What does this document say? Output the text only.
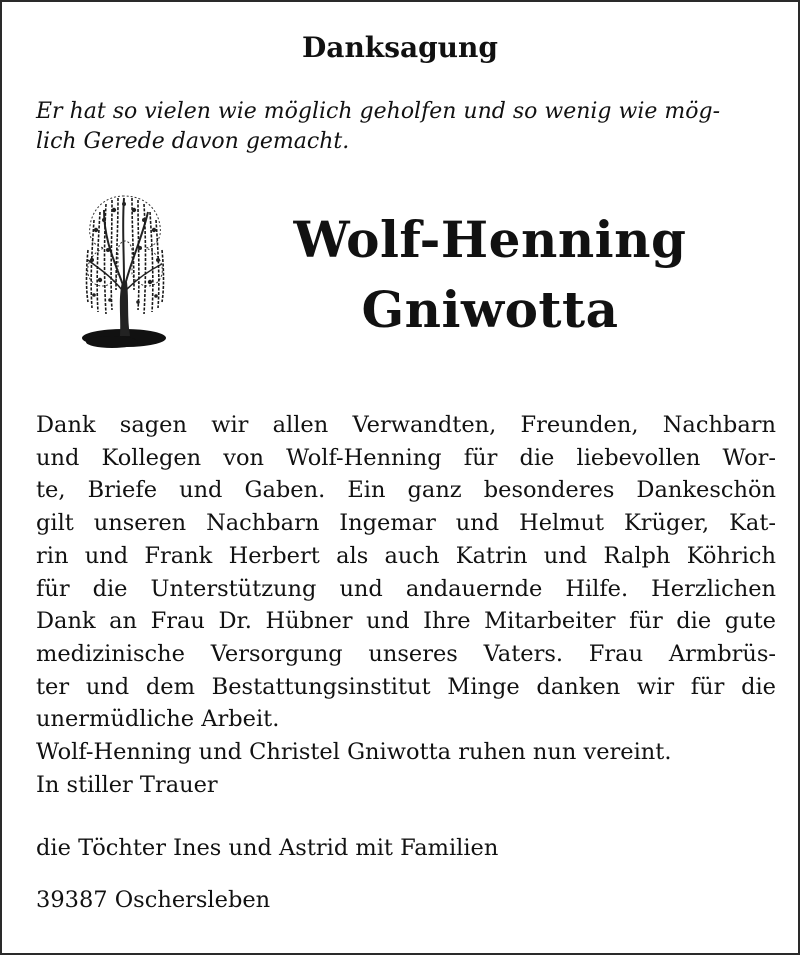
Danksagung
Er hat so vielen wie möglich geholfen und so wenig wie mög-
lich Gerede davon gemacht.
Wolf-Henning
Gniwotta
Dank sagen wir allen Verwandten, Freunden, Nachbarn
und Kollegen von Wolf-Henning für die liebevollen Wor-
te, Briefe und Gaben. Ein ganz besonderes Dankeschön
gilt unseren Nachbarn Ingemar und Helmut Krüger, Kat-
rin und Frank Herbert als auch Katrin und Ralph Köhrich
für die Unterstützung und andauernde Hilfe. Herzlichen
Dank an Frau Dr. Hübner und Ihre Mitarbeiter für die gute
medizinische Versorgung unseres Vaters. Frau Armbrüs-
ter und dem Bestattungsinstitut Minge danken wir für die
unermüdliche Arbeit.
Wolf-Henning und Christel Gniwotta ruhen nun vereint.
In stiller Trauer
die Töchter Ines und Astrid mit Familien
39387 Oschersleben
